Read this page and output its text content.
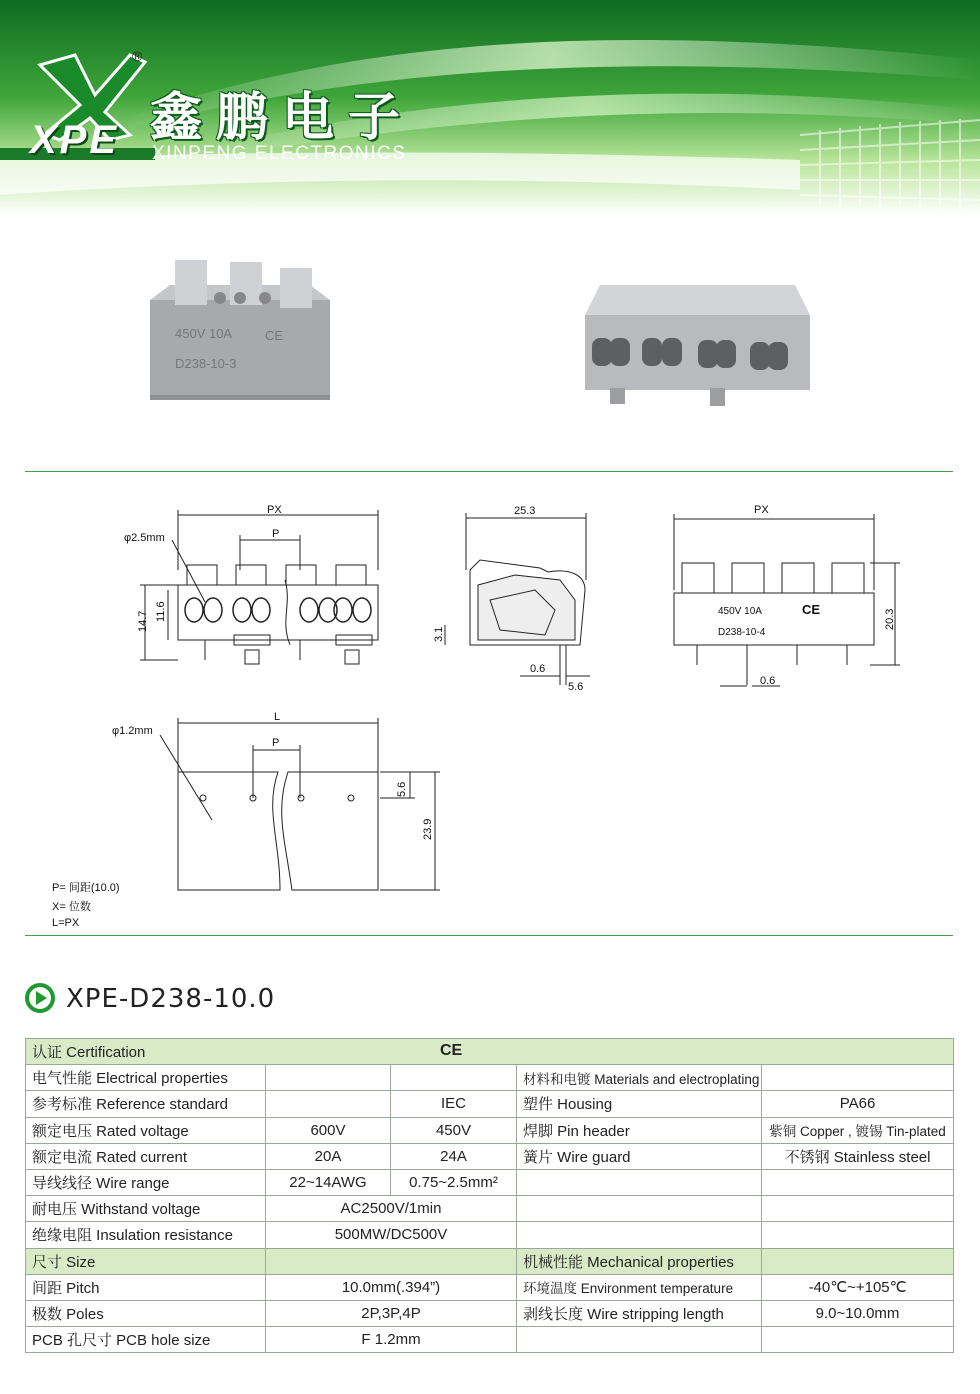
XPE
®
鑫鹏电子
XINPENG ELECTRONICS
450V 10A	CE
D238-10-3
PX
P
φ2.5mm
14.7 11.6
25.3
3.1
0.6
5.6
PX
450V 10A	CE
D238-10-4
20.3
0.6
L
P
φ1.2mm
5.6
23.9
P= 间距(10.0)
X= 位数
L=PX
XPE-D238-10.0
认证 Certification CE				

电气性能 Electrical properties			材料和电镀 Materials and electroplating	
参考标准 Reference standard		IEC	塑件 Housing	PA66
额定电压 Rated voltage	600V	450V	焊脚 Pin header	紫铜 Copper , 镀锡 Tin-plated
额定电流 Rated current	20A	24A	簧片 Wire guard	不锈钢 Stainless steel
导线线径 Wire range	22~14AWG	0.75~2.5mm²		
耐电压 Withstand voltage	AC2500V/1min			
绝缘电阻 Insulation resistance	500MW/DC500V			
尺寸 Size			机械性能 Mechanical properties	
间距 Pitch	10.0mm(.394”)		环境温度 Environment temperature	-40℃~+105℃
极数 Poles	2P,3P,4P		剥线长度 Wire stripping length	9.0~10.0mm
PCB 孔尺寸 PCB hole size	F 1.2mm			
